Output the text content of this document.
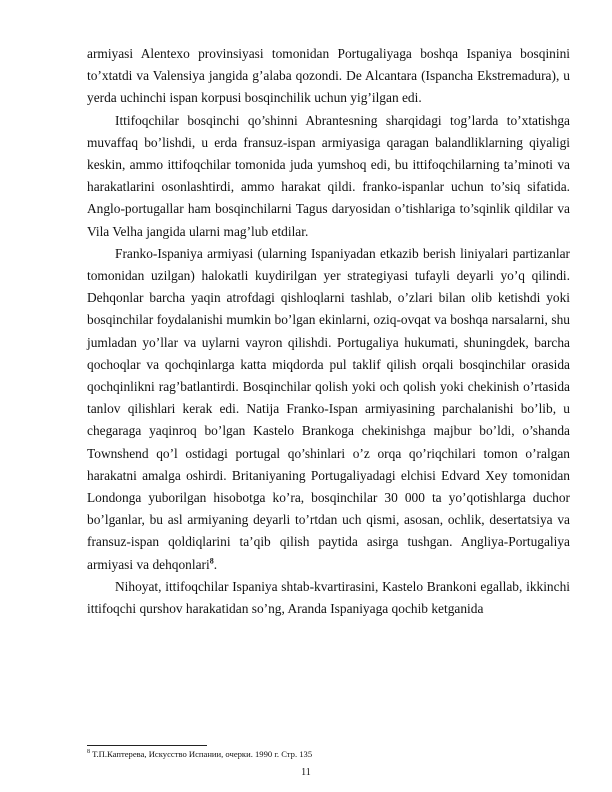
armiyasi Alentexo provinsiyasi tomonidan Portugaliyaga boshqa Ispaniya bosqinini to’xtatdi va Valensiya jangida g’alaba qozondi. De Alcantara (Ispancha Ekstremadura), u yerda uchinchi ispan korpusi bosqinchilik uchun yig’ilgan edi.

Ittifoqchilar bosqinchi qo’shinni Abrantesning sharqidagi tog’larda to’xtatishga muvaffaq bo’lishdi, u erda fransuz-ispan armiyasiga qaragan balandliklarning qiyaligi keskin, ammo ittifoqchilar tomonida juda yumshoq edi, bu ittifoqchilarning ta’minoti va harakatlarini osonlashtirdi, ammo harakat qildi. franko-ispanlar uchun to’siq sifatida. Anglo-portugallar ham bosqinchilarni Tagus daryosidan o’tishlariga to’sqinlik qildilar va Vila Velha jangida ularni mag’lub etdilar.

Franko-Ispaniya armiyasi (ularning Ispaniyadan etkazib berish liniyalari partizanlar tomonidan uzilgan) halokatli kuydirilgan yer strategiyasi tufayli deyarli yo’q qilindi. Dehqonlar barcha yaqin atrofdagi qishloqlarni tashlab, o’zlari bilan olib ketishdi yoki bosqinchilar foydalanishi mumkin bo’lgan ekinlarni, oziq-ovqat va boshqa narsalarni, shu jumladan yo’llar va uylarni vayron qilishdi. Portugaliya hukumati, shuningdek, barcha qochoqlar va qochqinlarga katta miqdorda pul taklif qilish orqali bosqinchilar orasida qochqinlikni rag’batlantirdi. Bosqinchilar qolish yoki och qolish yoki chekinish o’rtasida tanlov qilishlari kerak edi. Natija Franko-Ispan armiyasining parchalanishi bo’lib, u chegaraga yaqinroq bo’lgan Kastelo Brankoga chekinishga majbur bo’ldi, o’shanda Townshend qo’l ostidagi portugal qo’shinlari o’z orqa qo’riqchilari tomon o’ralgan harakatni amalga oshirdi. Britaniyaning Portugaliyadagi elchisi Edvard Xey tomonidan Londonga yuborilgan hisobotga ko’ra, bosqinchilar 30 000 ta yo’qotishlarga duchor bo’lganlar, bu asl armiyaning deyarli to’rtdan uch qismi, asosan, ochlik, desertatsiya va fransuz-ispan qoldiqlarini ta’qib qilish paytida asirga tushgan. Angliya-Portugaliya armiyasi va dehqonlari$^8$.

Nihoyat, ittifoqchilar Ispaniya shtab-kvartirasini, Kastelo Brankoni egallab, ikkinchi ittifoqchi qurshov harakatidan so’ng, Aranda Ispaniyaga qochib ketganida

$^8$ Т.П.Каптерева, Искусство Испании, очерки. 1990 г. Стр. 135
11
